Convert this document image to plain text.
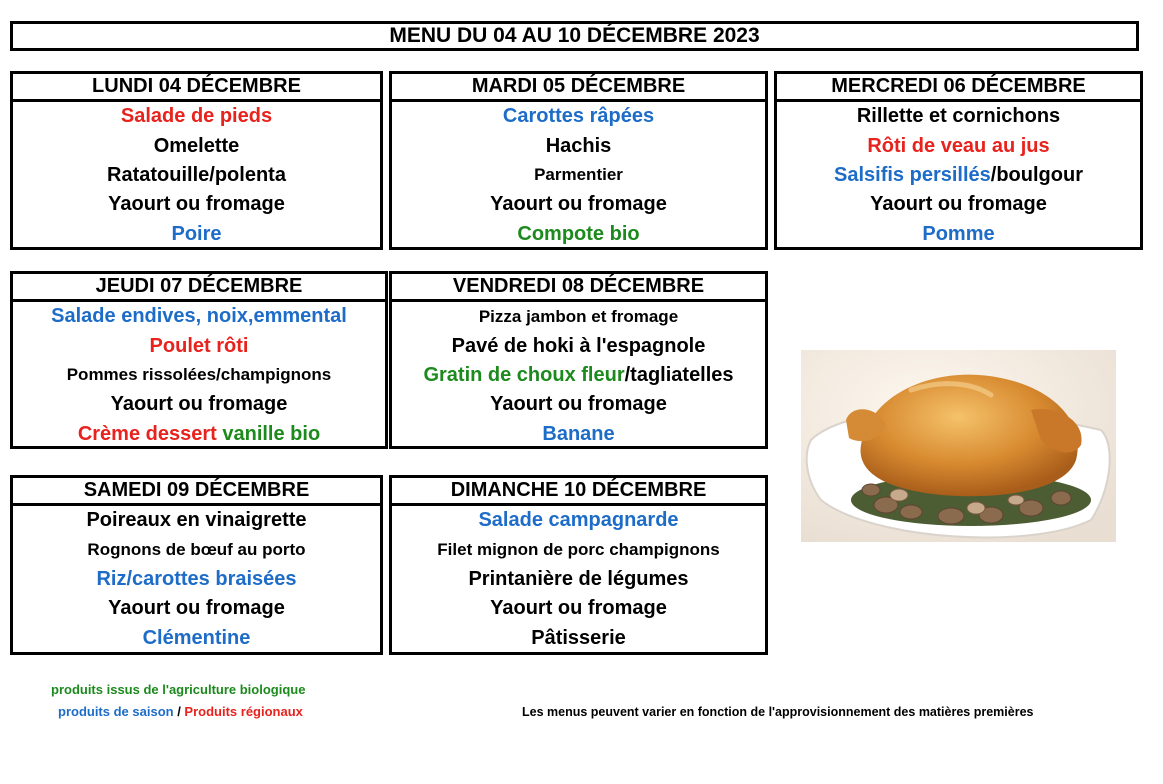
MENU DU 04 AU 10 DÉCEMBRE 2023
LUNDI 04 DÉCEMBRE
Salade de pieds
Omelette
Ratatouille/polenta
Yaourt ou fromage
Poire
MARDI 05 DÉCEMBRE
Carottes râpées
Hachis
Parmentier
Yaourt ou fromage
Compote bio
MERCREDI 06 DÉCEMBRE
Rillette et cornichons
Rôti de veau au jus
Salsifis persillés /boulgour
Yaourt ou fromage
Pomme
JEUDI 07 DÉCEMBRE
Salade endives, noix,emmental
Poulet rôti
Pommes rissolées/champignons
Yaourt ou fromage
Crème dessert vanille bio
VENDREDI 08 DÉCEMBRE
Pizza jambon et fromage
Pavé de hoki à l'espagnole
Gratin de choux fleur /tagliatelles
Yaourt ou fromage
Banane
SAMEDI 09 DÉCEMBRE
Poireaux en vinaigrette
Rognons de bœuf au porto
Riz/carottes braisées
Yaourt ou fromage
Clémentine
DIMANCHE 10 DÉCEMBRE
Salade campagnarde
Filet mignon de porc champignons
Printanière de légumes
Yaourt ou fromage
Pâtisserie
produits issus de l'agriculture biologique
produits de saison / Produits régionaux	Les menus peuvent varier en fonction de l'approvisionnement des matières premières
